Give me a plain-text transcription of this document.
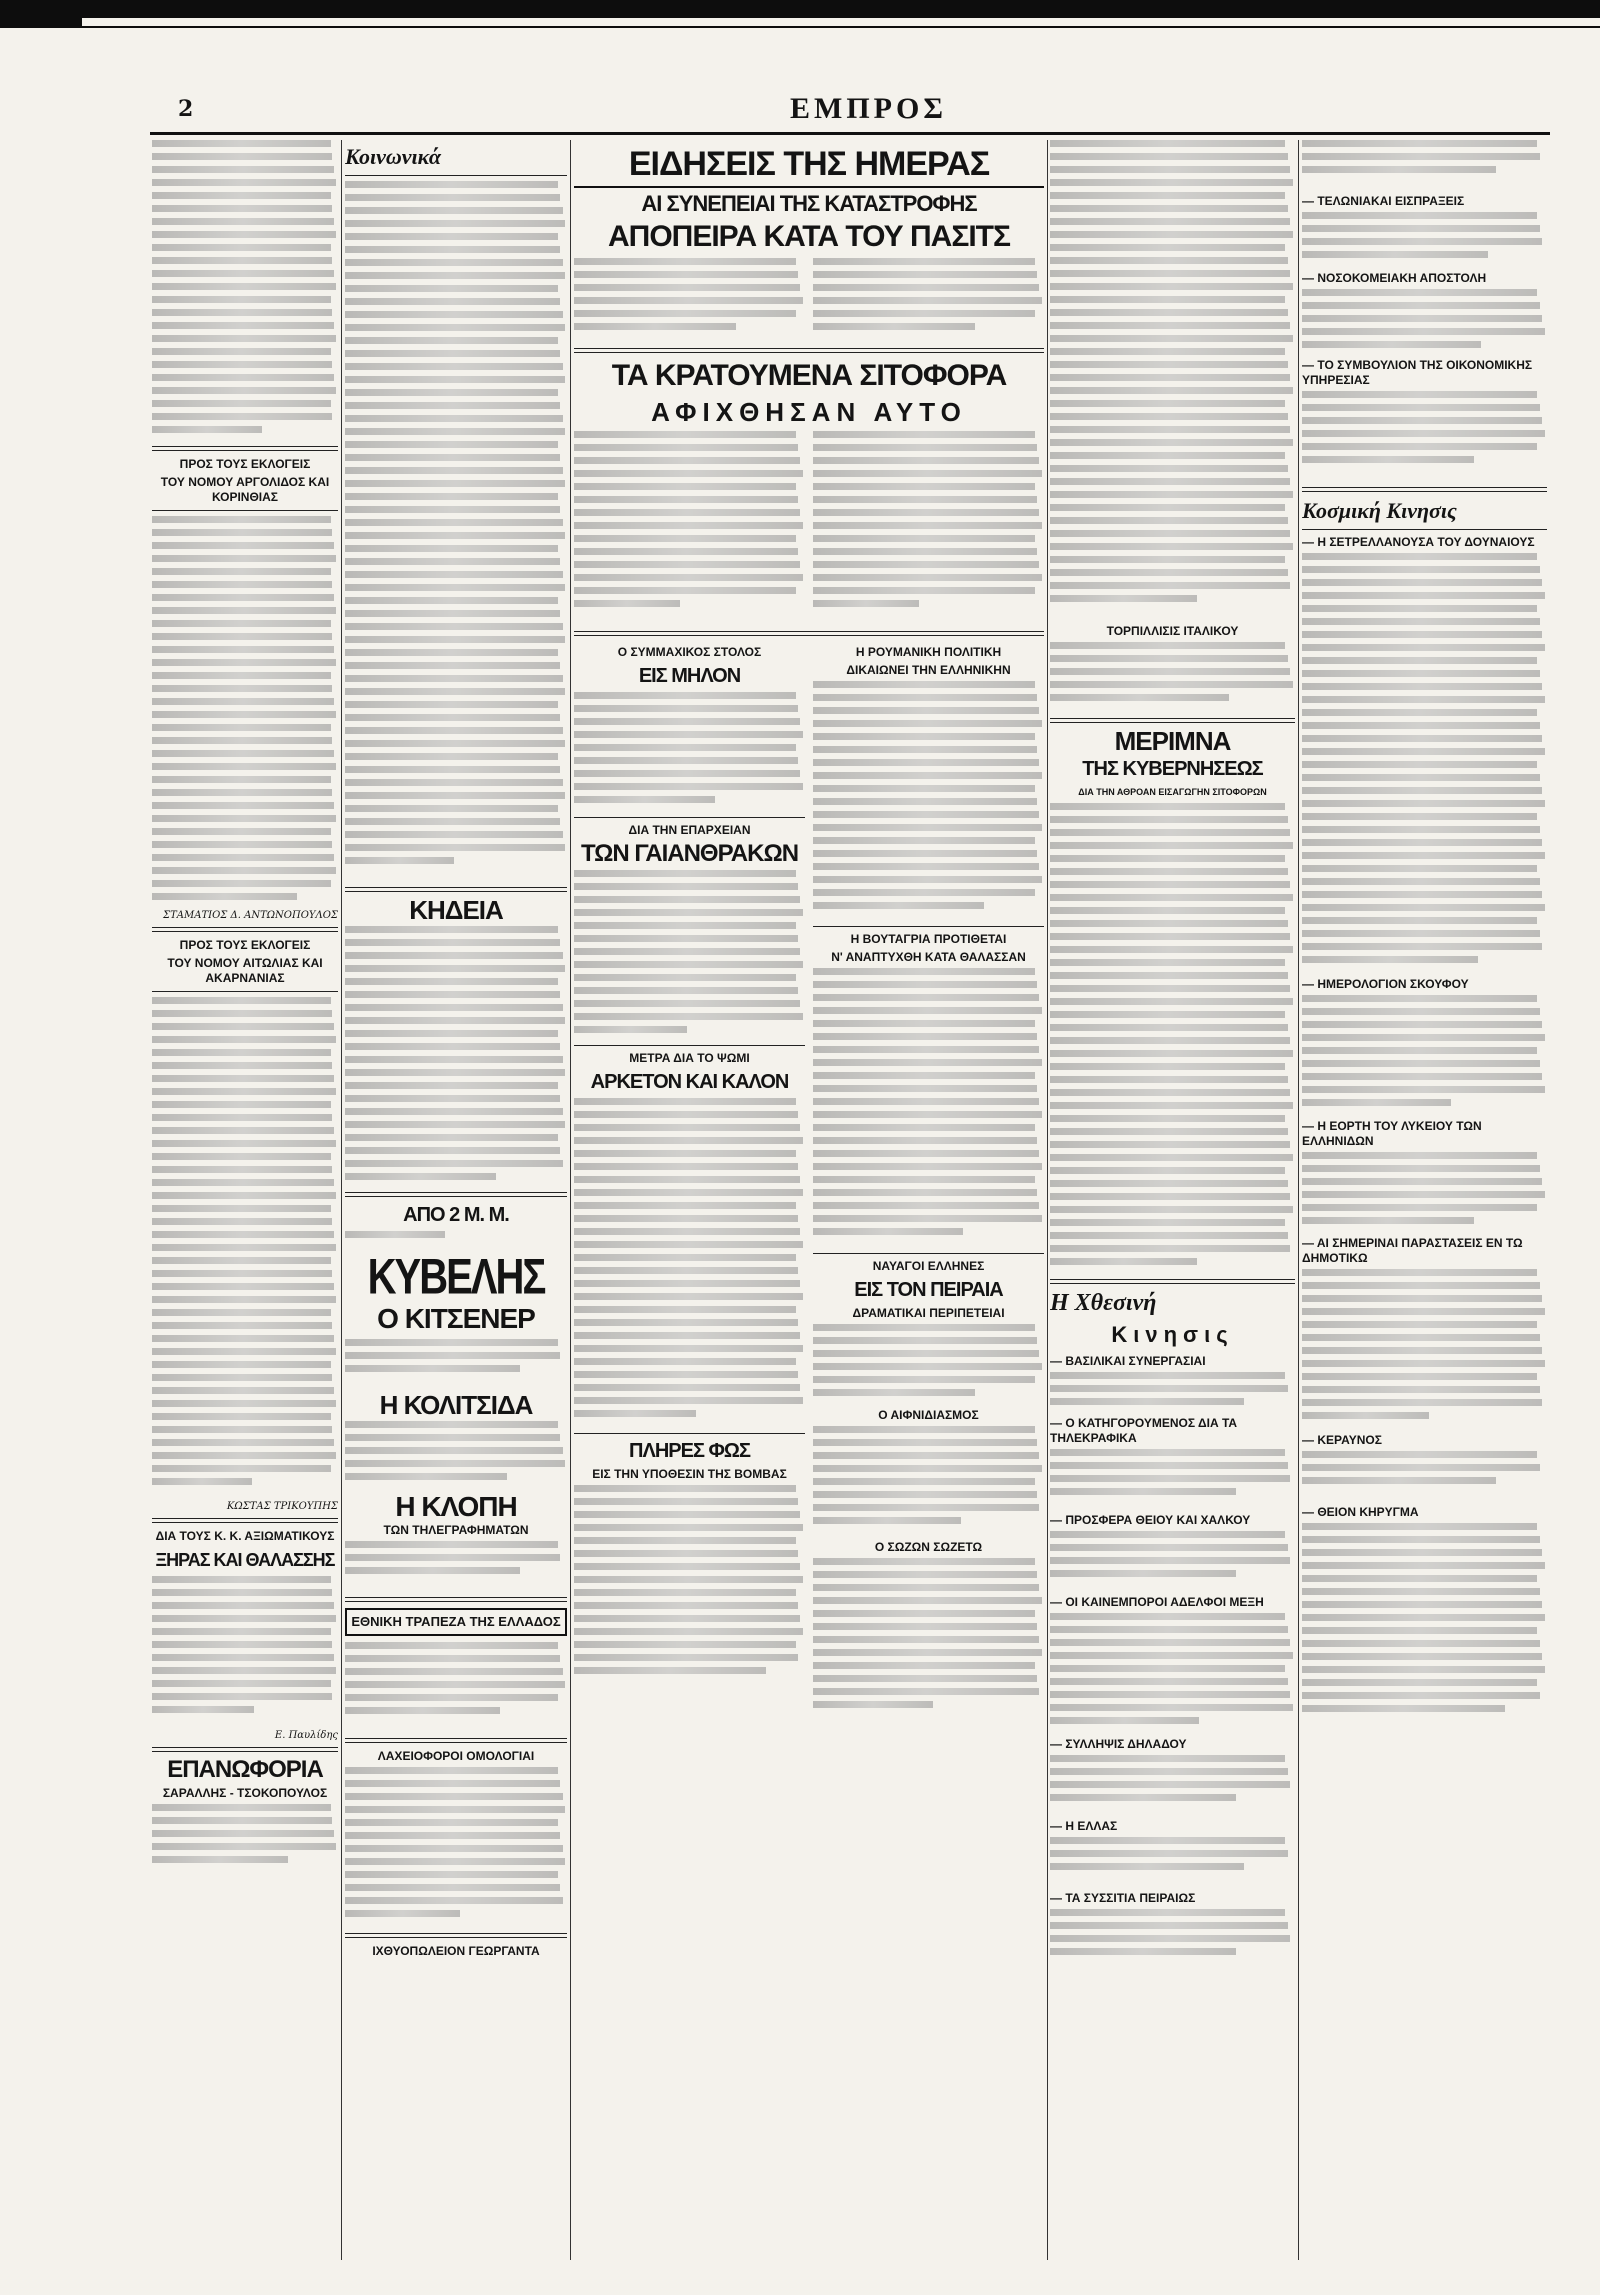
2	ΕΜΠΡΟΣ
ΠΡΟΣ ΤΟΥΣ ΕΚΛΟΓΕΙΣ
ΤΟΥ ΝΟΜΟΥ ΑΡΓΟΛΙΔΟΣ ΚΑΙ ΚΟΡΙΝΘΙΑΣ
ΣΤΑΜΑΤΙΟΣ Δ. ΑΝΤΩΝΟΠΟΥΛΟΣ
ΠΡΟΣ ΤΟΥΣ ΕΚΛΟΓΕΙΣ
ΤΟΥ ΝΟΜΟΥ ΑΙΤΩΛΙΑΣ ΚΑΙ ΑΚΑΡΝΑΝΙΑΣ
ΚΩΣΤΑΣ ΤΡΙΚΟΥΠΗΣ
ΔΙΑ ΤΟΥΣ Κ. Κ. ΑΞΙΩΜΑΤΙΚΟΥΣ
ΞΗΡΑΣ ΚΑΙ ΘΑΛΑΣΣΗΣ
Ε. Παυλίδης
ΕΠΑΝΩΦΟΡΙΑ
ΣΑΡΑΛΛΗΣ - ΤΣΟΚΟΠΟΥΛΟΣ
Κοινωνικά
ΚΗΔΕΙΑ
ΑΠΟ 2 Μ. Μ.
ΚΥΒΕΛΗΣ
Ο ΚΙΤΣΕΝΕΡ
Η ΚΟΛΙΤΣΙΔΑ
Η ΚΛΟΠΗ
ΤΩΝ ΤΗΛΕΓΡΑΦΗΜΑΤΩΝ
ΕΘΝΙΚΗ ΤΡΑΠΕΖΑ ΤΗΣ ΕΛΛΑΔΟΣ
ΛΑΧΕΙΟΦΟΡΟΙ ΟΜΟΛΟΓΙΑΙ
ΙΧΘΥΟΠΩΛΕΙΟΝ ΓΕΩΡΓΑΝΤΑ
ΕΙΔΗΣΕΙΣ ΤΗΣ ΗΜΕΡΑΣ
ΑΙ ΣΥΝΕΠΕΙΑΙ ΤΗΣ ΚΑΤΑΣΤΡΟΦΗΣ
ΑΠΟΠΕΙΡΑ ΚΑΤΑ ΤΟΥ ΠΑΣΙΤΣ
ΤΑ ΚΡΑΤΟΥΜΕΝΑ ΣΙΤΟΦΟΡΑ
ΑΦΙΧΘΗΣΑΝ ΑΥΤΟ
Ο ΣΥΜΜΑΧΙΚΟΣ ΣΤΟΛΟΣ
ΕΙΣ ΜΗΛΟΝ
ΔΙΑ ΤΗΝ ΕΠΑΡΧΕΙΑΝ
ΤΩΝ ΓΑΙΑΝΘΡΑΚΩΝ
ΜΕΤΡΑ ΔΙΑ ΤΟ ΨΩΜΙ
ΑΡΚΕΤΟΝ ΚΑΙ ΚΑΛΟΝ
ΠΛΗΡΕΣ ΦΩΣ
ΕΙΣ ΤΗΝ ΥΠΟΘΕΣΙΝ ΤΗΣ ΒΟΜΒΑΣ
Η ΡΟΥΜΑΝΙΚΗ ΠΟΛΙΤΙΚΗ
ΔΙΚΑΙΩΝΕΙ ΤΗΝ ΕΛΛΗΝΙΚΗΝ
Η ΒΟΥΤΑΓΡΙΑ ΠΡΟΤΙΘΕΤΑΙ
Ν' ΑΝΑΠΤΥΧΘΗ ΚΑΤΑ ΘΑΛΑΣΣΑΝ
ΝΑΥΑΓΟΙ ΕΛΛΗΝΕΣ
ΕΙΣ ΤΟΝ ΠΕΙΡΑΙΑ
ΔΡΑΜΑΤΙΚΑΙ ΠΕΡΙΠΕΤΕΙΑΙ
Ο ΑΙΦΝΙΔΙΑΣΜΟΣ
Ο ΣΩΖΩΝ ΣΩΖΕΤΩ
ΤΟΡΠΙΛΛΙΣΙΣ ΙΤΑΛΙΚΟΥ
ΜΕΡΙΜΝΑ
ΤΗΣ ΚΥΒΕΡΝΗΣΕΩΣ
ΔΙΑ ΤΗΝ ΑΘΡΟΑΝ ΕΙΣΑΓΩΓΗΝ ΣΙΤΟΦΟΡΩΝ
Η Χθεσινή
Κινησις
— ΒΑΣΙΛΙΚΑΙ ΣΥΝΕΡΓΑΣΙΑΙ
— Ο ΚΑΤΗΓΟΡΟΥΜΕΝΟΣ ΔΙΑ ΤΑ ΤΗΛΕΚΡΑΦΙΚΑ
— ΠΡΟΣΦΕΡΑ ΘΕΙΟΥ ΚΑΙ ΧΑΛΚΟΥ
— ΟΙ ΚΑΙΝΕΜΠΟΡΟΙ ΑΔΕΛΦΟΙ ΜΕΞΗ
— ΣΥΛΛΗΨΙΣ ΔΗΛΑΔΟΥ
— Η ΕΛΛΑΣ
— ΤΑ ΣΥΣΣΙΤΙΑ ΠΕΙΡΑΙΩΣ
— ΤΕΛΩΝΙΑΚΑΙ ΕΙΣΠΡΑΞΕΙΣ
— ΝΟΣΟΚΟΜΕΙΑΚΗ ΑΠΟΣΤΟΛΗ
— ΤΟ ΣΥΜΒΟΥΛΙΟΝ ΤΗΣ ΟΙΚΟΝΟΜΙΚΗΣ ΥΠΗΡΕΣΙΑΣ
Κοσμική Κινησις
— Η ΣΕΤΡΕΛΛΑΝΟΥΣΑ ΤΟΥ ΔΟΥΝΑΙΟΥΣ
— ΗΜΕΡΟΛΟΓΙΟΝ ΣΚΟΥΦΟΥ
— Η ΕΟΡΤΗ ΤΟΥ ΛΥΚΕΙΟΥ ΤΩΝ ΕΛΛΗΝΙΔΩΝ
— ΑΙ ΣΗΜΕΡΙΝΑΙ ΠΑΡΑΣΤΑΣΕΙΣ ΕΝ ΤΩ ΔΗΜΟΤΙΚΩ
— ΚΕΡΑΥΝΟΣ
— ΘΕΙΟΝ ΚΗΡΥΓΜΑ
